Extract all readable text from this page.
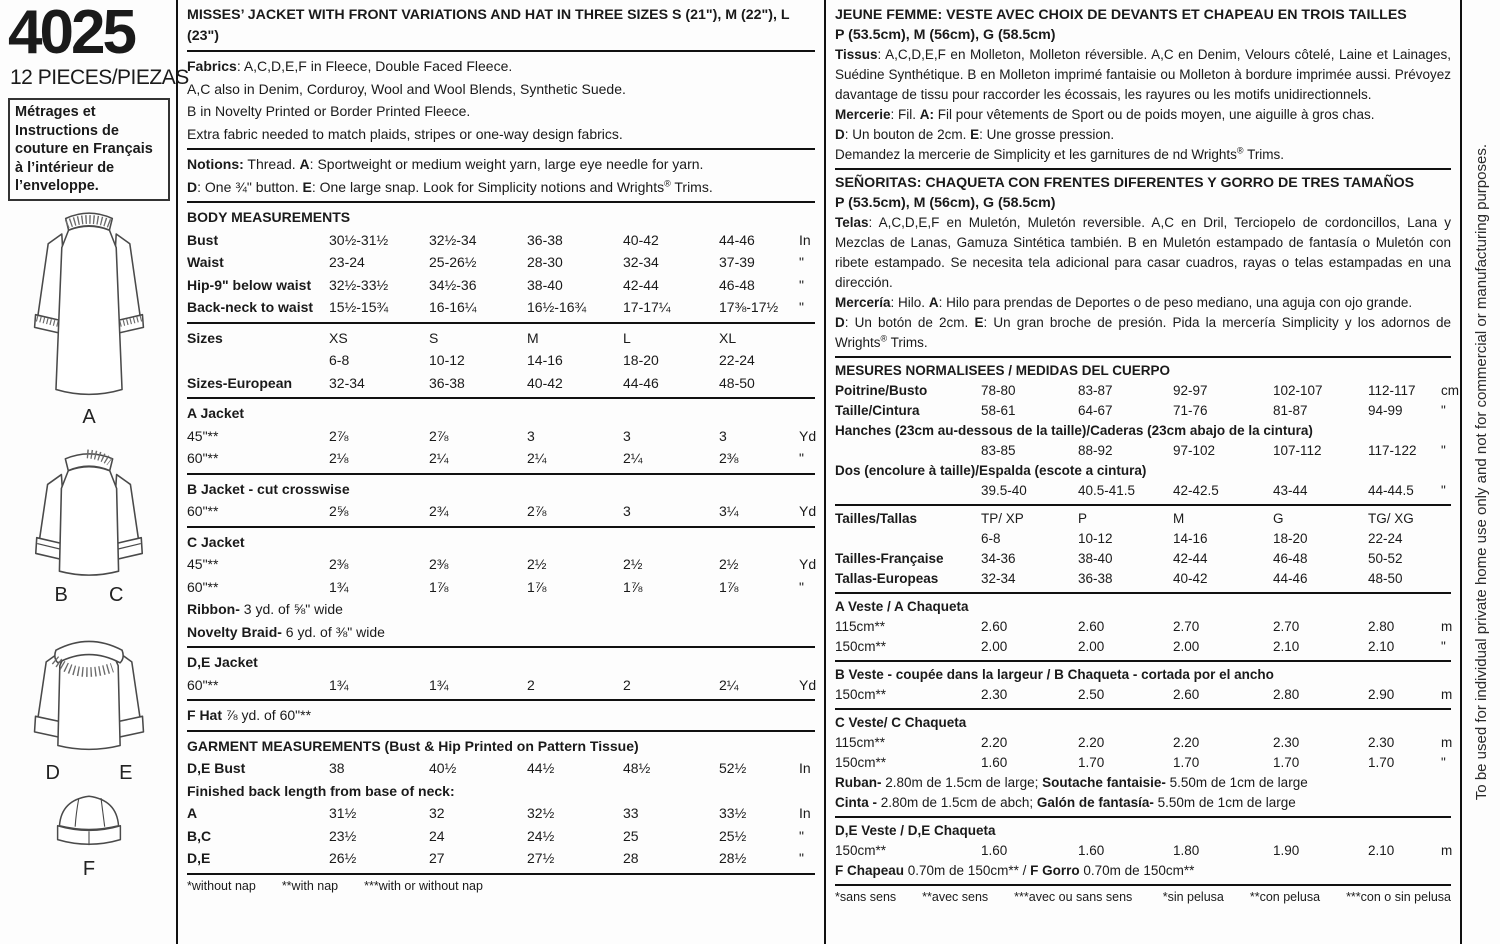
4025
12 PIECES/PIEZAS
Métrages et Instructions de couture en Français à l’intérieur de l’enveloppe.
A
B C
D	E
F
MISSES’ JACKET WITH FRONT VARIATIONS AND HAT IN THREE SIZES S (21"), M (22"), L (23")
Fabrics: A,C,D,E,F in Fleece, Double Faced Fleece.
A,C also in Denim, Corduroy, Wool and Wool Blends, Synthetic Suede.
B in Novelty Printed or Border Printed Fleece.
Extra fabric needed to match plaids, stripes or one-way design fabrics.
Notions: Thread. A: Sportweight or medium weight yarn, large eye needle for yarn.
D: One ¾" button. E: One large snap. Look for Simplicity notions and Wrights® Trims.
BODY MEASUREMENTS
Bust	30½-31½	32½-34	36-38	40-42	44-46	In
Waist	23-24	25-26½	28-30	32-34	37-39	"
Hip-9" below waist	32½-33½	34½-36	38-40	42-44	46-48	"
Back-neck to waist	15½-15¾	16-16¼	16½-16¾	17-17¼	17⅜-17½	"
Sizes	XS	S	M	L	XL
6-8	10-12	14-16	18-20	22-24
Sizes-European	32-34	36-38	40-42	44-46	48-50
A Jacket
45"**	2⅞	2⅞	3	3	3	Yd
60"**	2⅛	2¼	2¼	2¼	2⅜	"
B Jacket - cut crosswise
60"**	2⅝	2¾	2⅞	3	3¼	Yd
C Jacket
45"**	2⅜	2⅜	2½	2½	2½	Yd
60"**	1¾	1⅞	1⅞	1⅞	1⅞	"
Ribbon- 3 yd. of ⅝" wide
Novelty Braid- 6 yd. of ⅜" wide
D,E Jacket
60"**	1¾	1¾	2	2	2¼	Yd
F Hat ⅞ yd. of 60"**
GARMENT MEASUREMENTS (Bust & Hip Printed on Pattern Tissue)
D,E Bust	38	40½	44½	48½	52½	In
Finished back length from base of neck:
A	31½	32	32½	33	33½	In
B,C	23½	24	24½	25	25½	"
D,E	26½	27	27½	28	28½	"
*without nap **with nap ***with or without nap
JEUNE FEMME: VESTE AVEC CHOIX DE DEVANTS ET CHAPEAU EN TROIS TAILLES
P (53.5cm), M (56cm), G (58.5cm)
Tissus: A,C,D,E,F en Molleton, Molleton réversible. A,C en Denim, Velours côtelé, Laine et Lainages, Suédine Synthétique. B en Molleton imprimé fantaisie ou Molleton à bordure imprimée aussi. Prévoyez davantage de tissu pour raccorder les écossais, les rayures ou les motifs unidirectionnels.
Mercerie: Fil. A: Fil pour vêtements de Sport ou de poids moyen, une aiguille à gros chas.
D: Un bouton de 2cm. E: Une grosse pression.
Demandez la mercerie de Simplicity et les garnitures de nd Wrights® Trims.
SEÑORITAS: CHAQUETA CON FRENTES DIFERENTES Y GORRO DE TRES TAMAÑOS
P (53.5cm), M (56cm), G (58.5cm)
Telas: A,C,D,E,F en Muletón, Muletón reversible. A,C en Dril, Terciopelo de cordoncillos, Lana y Mezclas de Lanas, Gamuza Sintética también. B en Muletón estampado de fantasía o Muletón con ribete estampado. Se necesita tela adicional para casar cuadros, rayas o telas estampadas en una dirección.
Mercería: Hilo. A: Hilo para prendas de Deportes o de peso mediano, una aguja con ojo grande.
D: Un botón de 2cm. E: Un gran broche de presión. Pida la mercería Simplicity y los adornos de Wrights® Trims.
MESURES NORMALISEES / MEDIDAS DEL CUERPO
Poitrine/Busto	78-80	83-87	92-97	102-107	112-117	cm
Taille/Cintura	58-61	64-67	71-76	81-87	94-99	"
Hanches (23cm au-dessous de la taille)/Caderas (23cm abajo de la cintura)
83-85	88-92	97-102	107-112	117-122	"
Dos (encolure à taille)/Espalda (escote a cintura)
39.5-40	40.5-41.5	42-42.5	43-44	44-44.5	"
Tailles/Tallas	TP/ XP	P	M	G	TG/ XG
6-8	10-12	14-16	18-20	22-24
Tailles-Française	34-36	38-40	42-44	46-48	50-52
Tallas-Europeas	32-34	36-38	40-42	44-46	48-50
A Veste / A Chaqueta
115cm**	2.60	2.60	2.70	2.70	2.80	m
150cm**	2.00	2.00	2.00	2.10	2.10	"
B Veste - coupée dans la largeur / B Chaqueta - cortada por el ancho
150cm**	2.30	2.50	2.60	2.80	2.90	m
C Veste/ C Chaqueta
115cm**	2.20	2.20	2.20	2.30	2.30	m
150cm**	1.60	1.70	1.70	1.70	1.70	"
Ruban- 2.80m de 1.5cm de large; Soutache fantaisie- 5.50m de 1cm de large
Cinta - 2.80m de 1.5cm de abch; Galón de fantasía- 5.50m de 1cm de large
D,E Veste / D,E Chaqueta
150cm**	1.60	1.60	1.80	1.90	2.10	m
F Chapeau 0.70m de 150cm** / F Gorro 0.70m de 150cm**
*sans sens **avec sens ***avec ou sans sens *sin pelusa **con pelusa ***con o sin pelusa
To be used for individual private home use only and not for commercial or manufacturing purposes.
